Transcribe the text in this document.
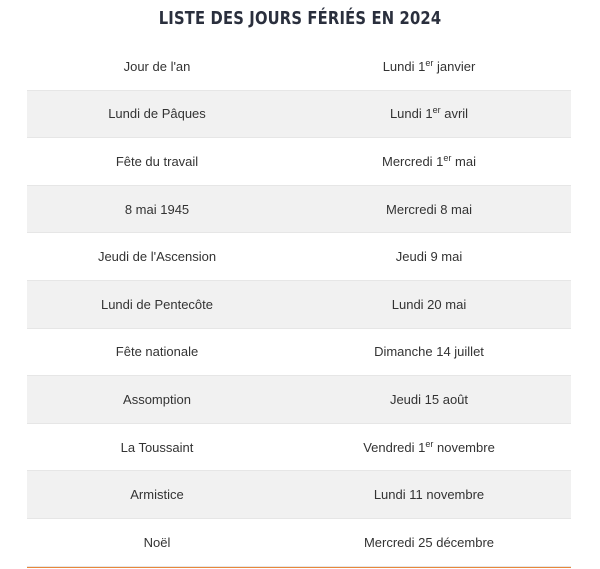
LISTE DES JOURS FÉRIÉS EN 2024
Jour de l'an	Lundi 1er janvier
Lundi de Pâques	Lundi 1er avril
Fête du travail	Mercredi 1er mai
8 mai 1945	Mercredi 8 mai
Jeudi de l'Ascension	Jeudi 9 mai
Lundi de Pentecôte	Lundi 20 mai
Fête nationale	Dimanche 14 juillet
Assomption	Jeudi 15 août
La Toussaint	Vendredi 1er novembre
Armistice	Lundi 11 novembre
Noël	Mercredi 25 décembre
